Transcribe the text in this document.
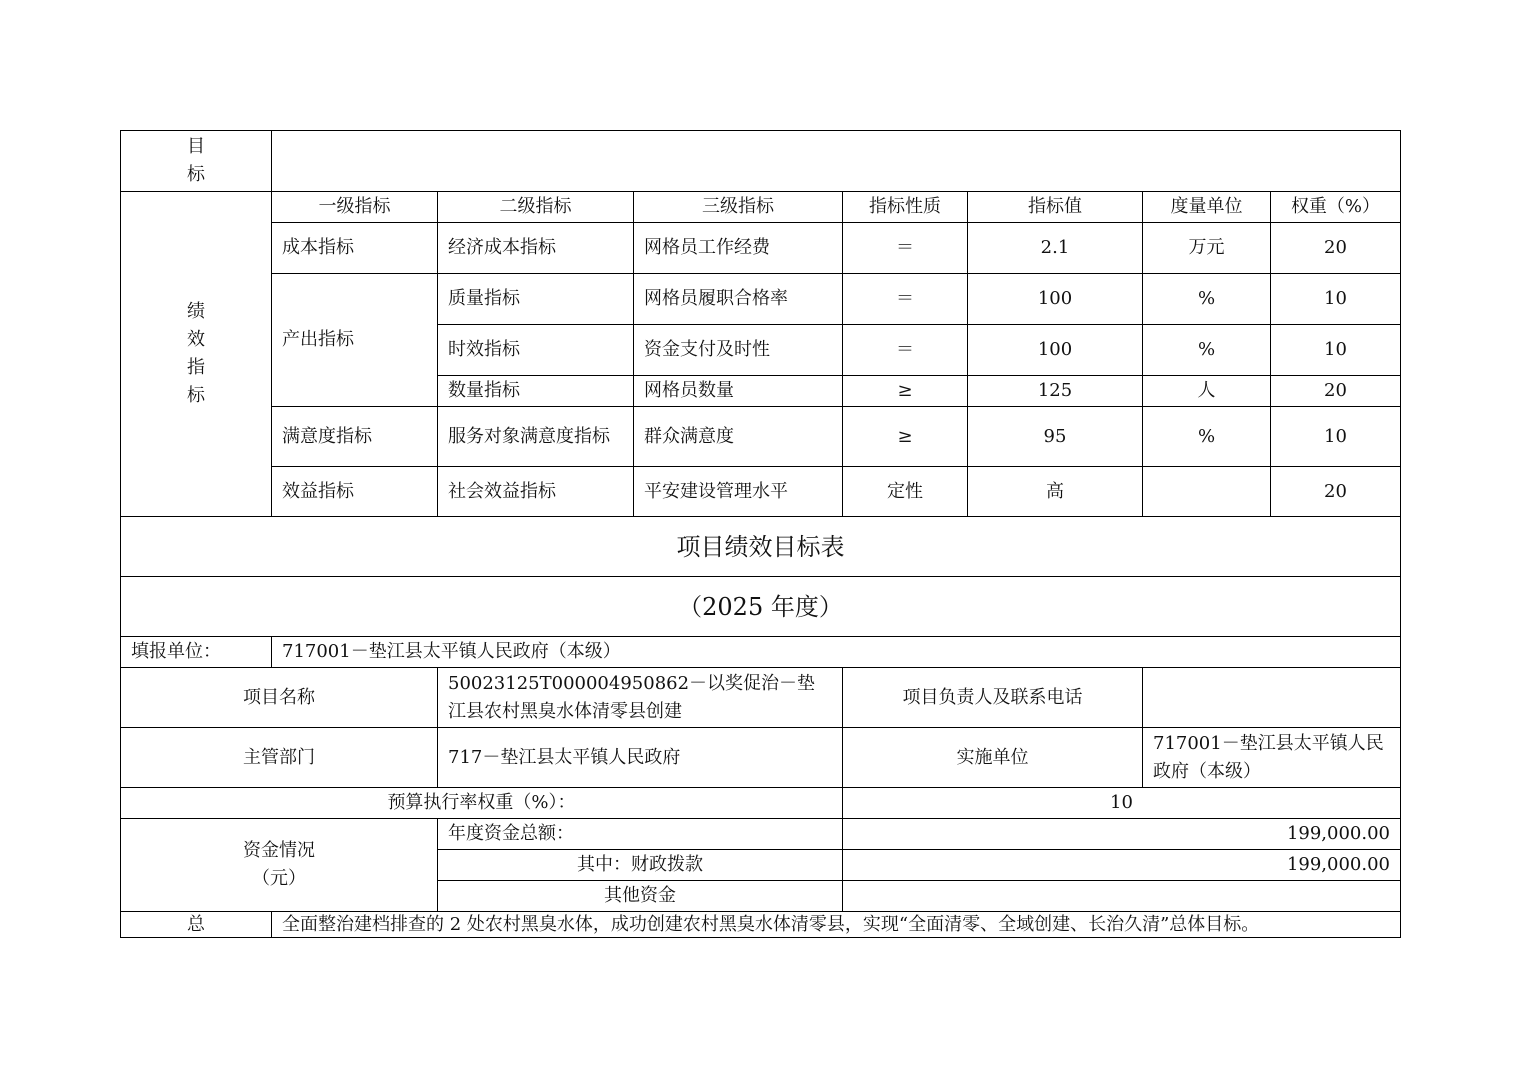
目
标							

绩
效
指
标	一级指标	二级指标	三级指标	指标性质	指标值	度量单位	权重（%）
	成本指标	经济成本指标	网格员工作经费	＝	2.1	万元	20
	产出指标	质量指标	网格员履职合格率	＝	100	%	10
		时效指标	资金支付及时性	＝	100	%	10
		数量指标	网格员数量	≥	125	人	20
	满意度指标	服务对象满意度指标	群众满意度	≥	95	%	10
	效益指标	社会效益指标	平安建设管理水平	定性	高		20
项目绩效目标表							
（2025 年度）							
填报单位：	717001－垫江县太平镇人民政府（本级）						
项目名称		50023125T000004950862－以奖促治－垫江县农村黑臭水体清零县创建		项目负责人及联系电话			
主管部门		717－垫江县太平镇人民政府		实施单位		717001－垫江县太平镇人民政府（本级）	
预算执行率权重（%）：				10			

资金情况
（元）		年度资金总额：		199,000.00			
		其中：财政拨款		199,000.00			
		其他资金					
总	全面整治建档排查的 2 处农村黑臭水体，成功创建农村黑臭水体清零县，实现“全面清零、全域创建、长治久清”总体目标。						
